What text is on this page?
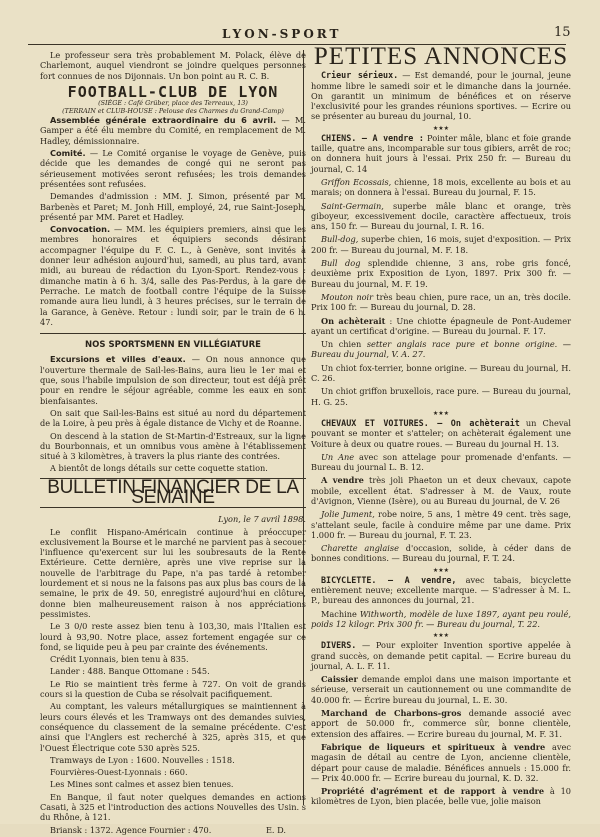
LYON-SPORT	15

Le professeur sera très probablement M. Polack, élève de Charlemont, auquel viendront se joindre quelques personnes fort connues de nos Dijonnais. Un bon point au R. C. B.

FOOTBALL-CLUB DE LYON
(SIÈGE : Café Grüber, place des Terreaux, 13)
(TERRAIN et CLUB-HOUSE : Pelouse des Charmes du Grand-Camp)

Assemblée générale extraordinaire du 6 avril. — M. Gamper a été élu membre du Comité, en remplacement de M. Hadley, démissionnaire.

Comité. — Le Comité organise le voyage de Genève, puis décide que les demandes de congé qui ne seront pas sérieusement motivées seront refusées; les trois demandes présentées sont refusées.

Demandes d'admission : MM. J. Simon, présenté par M. Barbenès et Paret; M. Jonh Hill, employé, 24, rue Saint-Joseph, présenté par MM. Paret et Hadley.

Convocation. — MM. les équipiers premiers, ainsi que les membres honoraires et équipiers seconds désirant accompagner l'équipe du F. C. L., à Genève, sont invités à donner leur adhésion aujourd'hui, samedi, au plus tard, avant midi, au bureau de rédaction du Lyon-Sport. Rendez-vous : dimanche matin à 6 h. 3/4, salle des Pas-Perdus, à la gare de Perrache. Le match de football contre l'équipe de la Suisse romande aura lieu lundi, à 3 heures précises, sur le terrain de la Garance, à Genève. Retour : lundi soir, par le train de 6 h. 47.

NOS SPORTSMENN EN VILLÉGIATURE

Excursions et villes d'eaux. — On nous annonce que l'ouverture thermale de Sail-les-Bains, aura lieu le 1er mai et que, sous l'habile impulsion de son directeur, tout est déjà prêt pour en rendre le séjour agréable, comme les eaux en sont bienfaisantes.

On sait que Sail-les-Bains est situé au nord du département de la Loire, à peu près à égale distance de Vichy et de Roanne.

On descend à la station de St-Martin-d'Estreaux, sur la ligne du Bourbonnais, et un omnibus vous amène à l'établissement situé à 3 kilomètres, à travers la plus riante des contrées.

A bientôt de longs détails sur cette coquette station.

BULLETIN FINANCIER DE LA SEMAINE
Lyon, le 7 avril 1898.

Le conflit Hispano-Américain continue à préoccuper exclusivement la Bourse et le marché ne parvient pas à secouer l'influence qu'exercent sur lui les soubresauts de la Rente Extérieure. Cette dernière, après une vive reprise sur la nouvelle de l'arbitrage du Pape, n'a pas tardé à retomber lourdement et si nous ne la faisons pas aux plus bas cours de la semaine, le prix de 49. 50, enregistré aujourd'hui en clôture, donne bien malheureusement raison à nos appréciations pessimistes.

Le 3 0/0 reste assez bien tenu à 103,30, mais l'Italien est lourd à 93,90. Notre place, assez fortement engagée sur ce fond, se liquide peu à peu par crainte des événements.

Crédit Lyonnais, bien tenu à 835.

Lander : 488. Banque Ottomane : 545.

Le Rio se maintient très ferme à 727. On voit de grands cours si la question de Cuba se résolvait pacifiquement.

Au comptant, les valeurs métallurgiques se maintiennent à leurs cours élevés et les Tramways ont des demandes suivies, conséquence du classement de la semaine précédente. C'est ainsi que l'Anglers est recherché à 325, après 315, et que l'Ouest Électrique cote 530 après 525.

Tramways de Lyon : 1600. Nouvelles : 1518.

Fourvières-Ouest-Lyonnais : 660.

Les Mines sont calmes et assez bien tenues.

En Banque, il faut noter quelques demandes en actions Casati, à 325 et l'introduction des actions Nouvelles des Usin. s du Rhône, à 121.

Briansk : 1372. Agence Fournier : 470.	E. D.

PETITES ANNONCES

Crieur sérieux. — Est demandé, pour le journal, jeune homme libre le samedi soir et le dimanche dans la journée. On garantit un minimum de bénéfices et on réserve l'exclusivité pour les grandes réunions sportives. — Ecrire ou se présenter au bureau du journal, 10.

★★★

CHIENS. — A vendre : Pointer mâle, blanc et foie grande taille, quatre ans, incomparable sur tous gibiers, arrêt de roc; on donnera huit jours à l'essai. Prix 250 fr. — Bureau du journal, C. 14

Griffon Ecossais, chienne, 18 mois, excellente au bois et au marais; on donnera à l'essai. Bureau du journal, F. 15.

Saint-Germain, superbe mâle blanc et orange, très giboyeur, excessivement docile, caractère affectueux, trois ans, 150 fr. — Bureau du journal, I. R. 16.

Bull-dog, superbe chien, 16 mois, sujet d'exposition. — Prix 200 fr. — Bureau du journal, M. F. 18.

Bull dog splendide chienne, 3 ans, robe gris foncé, deuxième prix Exposition de Lyon, 1897. Prix 300 fr. — Bureau du journal, M. F. 19.

Mouton noir très beau chien, pure race, un an, très docile. Prix 100 fr. — Bureau du journal, D. 28.

On achèterait : Une chiotte épagneule de Pont-Audemer ayant un certificat d'origine. — Bureau du journal. F. 17.

Un chien setter anglais race pure et bonne origine. — Bureau du journal, V. A. 27.

Un chiot fox-terrier, bonne origine. — Bureau du journal, H. C. 26.

Un chiot griffon bruxellois, race pure. — Bureau du journal, H. G. 25.

★★★

CHEVAUX ET VOITURES. — On achèterait un Cheval pouvant se monter et s'atteler; on achèterait également une Voiture à deux ou quatre roues. — Bureau du journal H. 13.

Un Ane avec son attelage pour promenade d'enfants. — Bureau du journal L. B. 12.

A vendre très joli Phaeton un et deux chevaux, capote mobile, excellent état. S'adresser à M. de Vaux, route d'Avignon, Vienne (Isère), ou au Bureau du journal, de V. 26

Jolie Jument, robe noire, 5 ans, 1 mètre 49 cent. très sage, s'attelant seule, facile à conduire même par une dame. Prix 1.000 fr. — Bureau du journal, F. T. 23.

Charette anglaise d'occasion, solide, à céder dans de bonnes conditions. — Bureau du journal, F. T. 24.

★★★

BICYCLETTE. — A vendre, avec tabais, bicyclette entièrement neuve; excellente marque. — S'adresser à M. L. P., bureau des annonces du journal, 21.

Machine Withworth, modèle de luxe 1897, ayant peu roulé, poids 12 kilogr. Prix 300 fr. — Bureau du journal, T. 22.

★★★

DIVERS. — Pour exploiter Invention sportive appelée à grand succès, on demande petit capital. — Ecrire bureau du journal, A. L. F. 11.

Caissier demande emploi dans une maison importante et sérieuse, verserait un cautionnement ou une commandite de 40.000 fr. — Écrire bureau du journal, L. E. 30.

Marchand de Charbons-gros demande associé avec apport de 50.000 fr., commerce sûr, bonne clientèle, extension des affaires. — Ecrire bureau du journal, M. F. 31.

Fabrique de liqueurs et spiritueux à vendre avec magasin de détail au centre de Lyon, ancienne clientèle, départ pour cause de maladie. Bénéfices annuels : 15.000 fr. — Prix 40.000 fr. — Ecrire bureau du journal, K. D. 32.

Propriété d'agrément et de rapport à vendre à 10 kilomètres de Lyon, bien placée, belle vue, jolie maison
